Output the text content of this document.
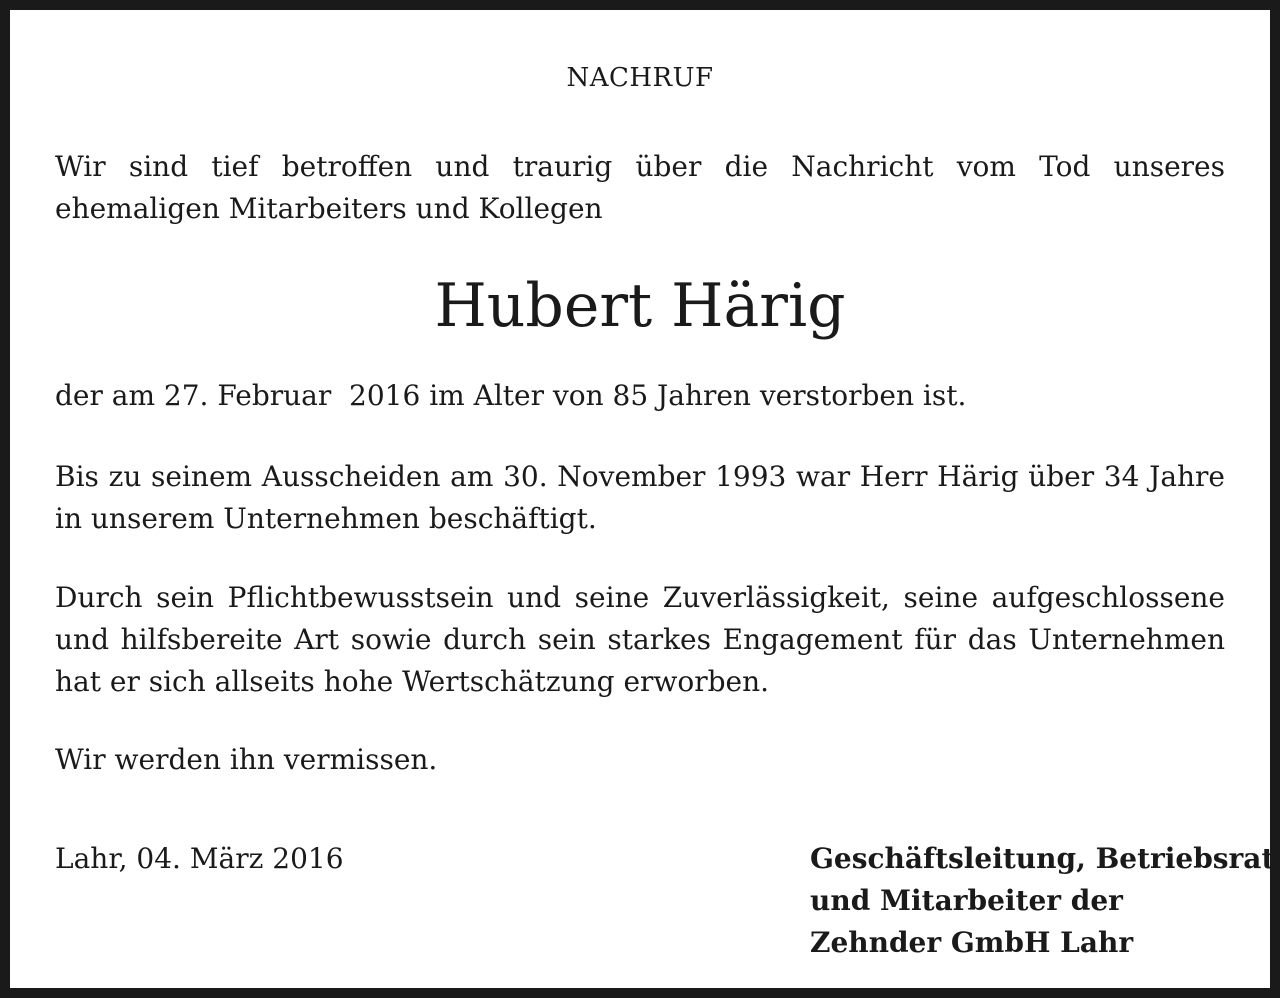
NACHRUF

Wir sind tief betroffen und traurig über die Nachricht vom Tod unseres ehemaligen Mitarbeiters und Kollegen

Hubert Härig

der am 27. Februar  2016 im Alter von 85 Jahren verstorben ist.

Bis zu seinem Ausscheiden am 30. November 1993 war Herr Härig über 34 Jahre in unserem Unternehmen beschäftigt.

Durch sein Pflichtbewusstsein und seine Zuverlässigkeit, seine aufgeschlossene und hilfsbereite Art sowie durch sein starkes Engagement für das Unternehmen hat er sich allseits hohe Wertschätzung erworben.

Wir werden ihn vermissen.

Lahr, 04. März 2016	Geschäftsleitung, Betriebsrat
und Mitarbeiter der
Zehnder GmbH Lahr
